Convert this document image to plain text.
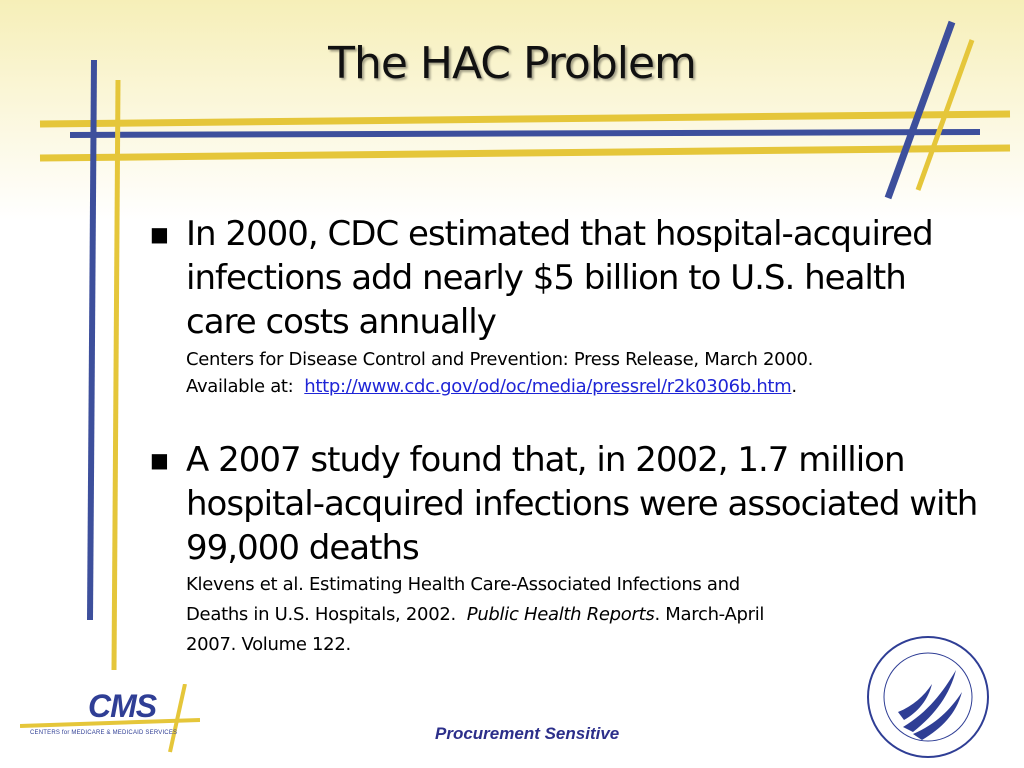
The HAC Problem
■ In 2000, CDC estimated that hospital-acquired infections add nearly $5 billion to U.S. health care costs annually
Centers for Disease Control and Prevention: Press Release, March 2000.
Available at: http://www.cdc.gov/od/oc/media/pressrel/r2k0306b.htm.
■ A 2007 study found that, in 2002, 1.7 million hospital-acquired infections were associated with 99,000 deaths
Klevens et al. Estimating Health Care-Associated Infections and
Deaths in U.S. Hospitals, 2002. Public Health Reports. March-April
2007. Volume 122.
CMS
CENTERS for MEDICARE & MEDICAID SERVICES	Procurement Sensitive
